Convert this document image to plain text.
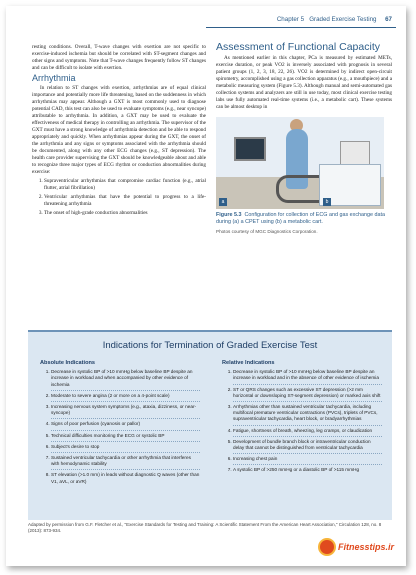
Chapter 5 Graded Exercise Testing 67

resting conditions. Overall, T-wave changes with exertion are not specific to exercise-induced ischemia but should be correlated with ST-segment changes and other signs and symptoms. Note that T-wave changes frequently follow ST changes and can be difficult to isolate with exertion.

Arrhythmia

In relation to ST changes with exertion, arrhythmias are of equal clinical importance and potentially more life threatening, based on the suddenness in which arrhythmias may appear. Although a GXT is most commonly used to diagnose potential CAD, this test can also be used to evaluate symptoms (e.g., near syncope) attributable to arrhythmia. In addition, a GXT may be used to evaluate the effectiveness of medical therapy in controlling an arrhythmia. The supervisor of the GXT must have a strong knowledge of arrhythmia detection and be able to respond appropriately and quickly. When arrhythmias appear during the GXT, the onset of the arrhythmia and any signs or symptoms associated with the arrhythmia should be documented, along with any other ECG changes (e.g., ST depression). The health care provider supervising the GXT should be knowledgeable about and able to recognize three major types of ECG rhythm or conduction abnormalities during exercise:

1. Supraventricular arrhythmias that compromise cardiac function (e.g., atrial flutter, atrial fibrillation)
2. Ventricular arrhythmias that have the potential to progress to a life-threatening arrhythmia
3. The onset of high-grade conduction abnormalities
Assessment of Functional Capacity

As mentioned earlier in this chapter, PCa is measured by estimated METs, exercise duration, or peak VO2 is inversely associated with prognosis in several patient groups (1, 2, 3, 18, 22, 26). VO2 is determined by indirect open-circuit spirometry, accomplished using a gas collection apparatus (e.g., a mouthpiece) and a metabolic measuring system (Figure 5.3). Although manual and semi-automated gas collection systems and analyzers are still in use today, most clinical exercise testing labs use fully automated real-time systems (i.e., a metabolic cart). These systems can be almost desktop in

a	b

Figure 5.3 Configuration for collection of ECG and gas exchange data during (a) a CPET using (b) a metabolic cart.

Photos courtesy of MGC Diagnostics Corporation.
Indications for Termination of Graded Exercise Test
Absolute Indications
1. Decrease in systolic BP of >10 mmHg below baseline BP despite an increase in workload and when accompanied by other evidence of ischemia
2. Moderate to severe angina (2 or more on a 4-point scale)
3. Increasing nervous system symptoms (e.g., ataxia, dizziness, or near-syncope)
4. Signs of poor perfusion (cyanosis or pallor)
5. Technical difficulties monitoring the ECG or systolic BP
6. Subject's desire to stop
7. Sustained ventricular tachycardia or other arrhythmia that interferes with hemodynamic stability
8. ST elevation (>1.0 mm) in leads without diagnostic Q waves (other than V1, aVL, or aVR)
Relative Indications
1. Decrease in systolic BP of >10 mmHg below baseline BP despite an increase in workload and in the absence of other evidence of ischemia
2. ST or QRS changes such as excessive ST depression (>2 mm horizontal or downsloping ST-segment depression) or marked axis shift
3. Arrhythmias other than sustained ventricular tachycardia, including multifocal premature ventricular contractions (PVCs), triplets of PVCs, supraventricular tachycardia, heart block, or bradyarrhythmias
4. Fatigue, shortness of breath, wheezing, leg cramps, or claudication
5. Development of bundle branch block or intraventricular conduction delay that cannot be distinguished from ventricular tachycardia
6. Increasing chest pain
7. A systolic BP of >250 mmHg or a diastolic BP of >115 mmHg
Adapted by permission from G.F. Fletcher et al., "Exercise Standards for Testing and Training: A Scientific Statement From the American Heart Association," Circulation 128, no. 8 (2013): 873-934.
Fitnesstips.ir
